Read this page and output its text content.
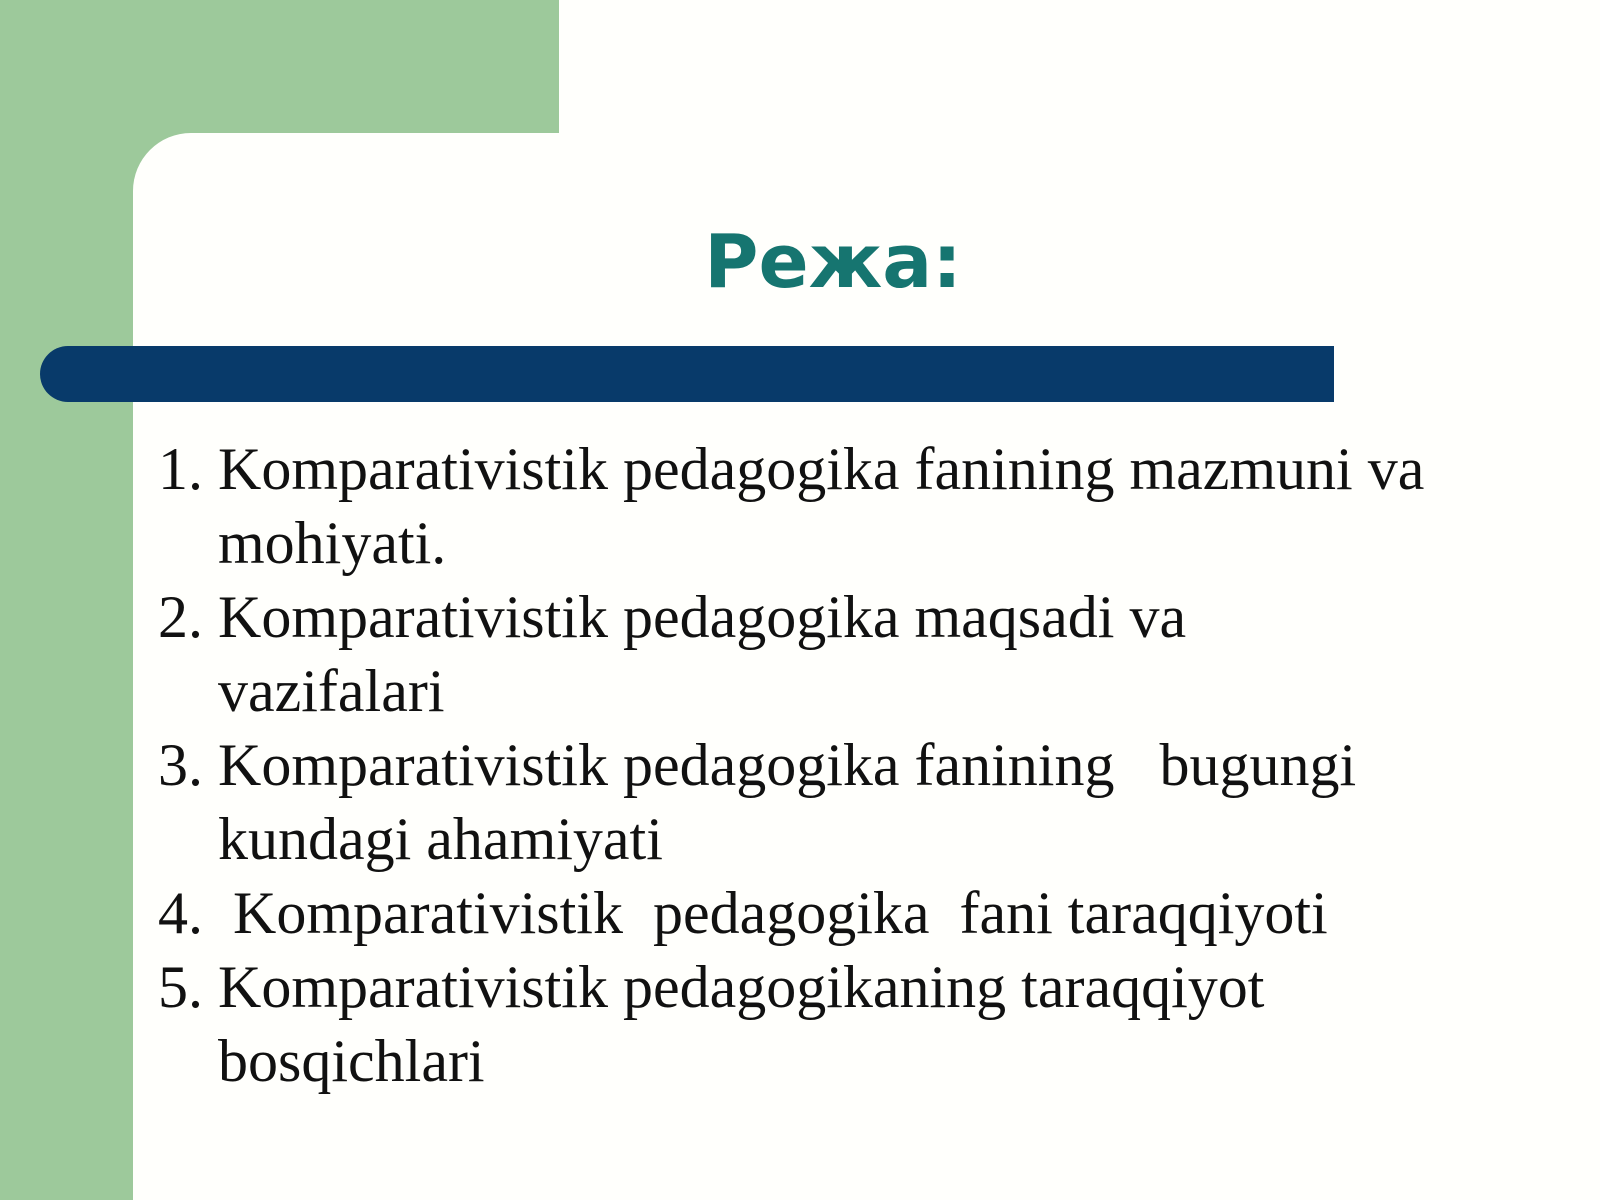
Режа:
1. Komparativistik pedagogika fanining mazmuni va
mohiyati.
2. Komparativistik pedagogika maqsadi va
vazifalari
3. Komparativistik pedagogika fanining   bugungi
kundagi ahamiyati
4. Komparativistik  pedagogika  fani taraqqiyoti
5. Komparativistik pedagogikaning taraqqiyot
bosqichlari
